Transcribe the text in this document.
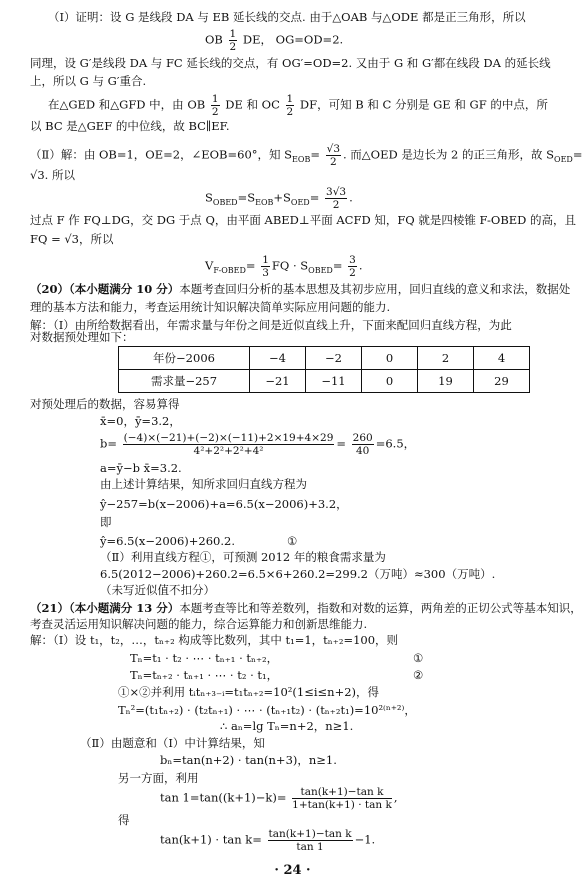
（Ⅰ）证明：设 G 是线段 DA 与 EB 延长线的交点. 由于△OAB 与△ODE 都是正三角形，所以
OB $\frac{1}{2}$ DE， OG=OD=2.
同理，设 G′是线段 DA 与 FC 延长线的交点，有 OG′=OD=2. 又由于 G 和 G′都在线段 DA 的延长线
上，所以 G 与 G′重合.
在△GED 和△GFD 中，由 OB $\frac{1}{2}$ DE 和 OC $\frac{1}{2}$ DF，可知 B 和 C 分别是 GE 和 GF 的中点，所
以 BC 是△GEF 的中位线，故 BC∥EF.
（Ⅱ）解：由 OB=1，OE=2，∠EOB=60°，知 $S_{EOB}= \frac{√3}{2}$ . 而△OED 是边长为 2 的正三角形，故 $S_{OED}=$
√3. 所以
$S_{OBED}=S_{EOB}+S_{OED}= \frac{3√3}{2}$ .
过点 F 作 FQ⊥DG，交 DG 于点 Q，由平面 ABED⊥平面 ACFD 知，FQ 就是四棱锥 F-OBED 的高，且
FQ = √3，所以
$V_{F-OBED}= \frac{1}{3}$ FQ · $S_{OBED}= \frac{3}{2}$ .
（20）（本小题满分 10 分）本题考查回归分析的基本思想及其初步应用，回归直线的意义和求法，数据处
理的基本方法和能力，考查运用统计知识解决简单实际应用问题的能力.
解：（Ⅰ）由所给数据看出，年需求量与年份之间是近似直线上升，下面来配回归直线方程，为此
对数据预处理如下：
年份−2006	−4	−2	0	2	4
需求量−257	−21	−11	0	19	29
对预处理后的数据，容易算得
x̄=0，ȳ=3.2，
$b= \frac{(-4)\times(-21)+(-2)\times(-11)+2\times 19+4\times 29}{\text{4²+2²+2²+4²}} = \frac{260}{40} =6.5$，
a=ȳ−b x̄=3.2.
由上述计算结果，知所求回归直线方程为
ŷ−257=b(x−2006)+a=6.5(x−2006)+3.2，
即
ŷ=6.5(x−2006)+260.2.	①
（Ⅱ）利用直线方程①，可预测 2012 年的粮食需求量为
6.5(2012−2006)+260.2=6.5×6+260.2=299.2（万吨）≈300（万吨）.
（未写近似值不扣分）
（21）（本小题满分 13 分）本题考查等比和等差数列，指数和对数的运算，两角差的正切公式等基本知识，
考查灵活运用知识解决问题的能力，综合运算能力和创新思维能力.
解：（Ⅰ）设 t₁，t₂，…，tₙ₊₂ 构成等比数列，其中 t₁=1，tₙ₊₂=100，则
Tₙ=t₁ · t₂ · ⋯ · tₙ₊₁ · tₙ₊₂，	①
Tₙ=tₙ₊₂ · tₙ₊₁ · ⋯ · t₂ · t₁，	②
①×②并利用 tᵢtₙ₊₃₋ᵢ=t₁tₙ₊₂=10²(1≤i≤n+2)，得
Tₙ²=(t₁tₙ₊₂) · (t₂tₙ₊₁) · ⋯ · (tₙ₊₁t₂) · (tₙ₊₂t₁)=10²⁽ⁿ⁺²⁾，
∴ aₙ=lg Tₙ=n+2，n≥1.
（Ⅱ）由题意和（Ⅰ）中计算结果，知
bₙ=tan(n+2) · tan(n+3)，n≥1.
另一方面，利用
$\tan 1=\tan((k+1)-k)= \frac{\text{tan(k+1)−tan k}}{\text{1+tan(k+1) · tan k}}$ ,
得
$\tan(k+1) \cdot \tan k= \frac{\text{tan(k+1)−tan k}}{\tan 1} -1$.
· 24 ·
